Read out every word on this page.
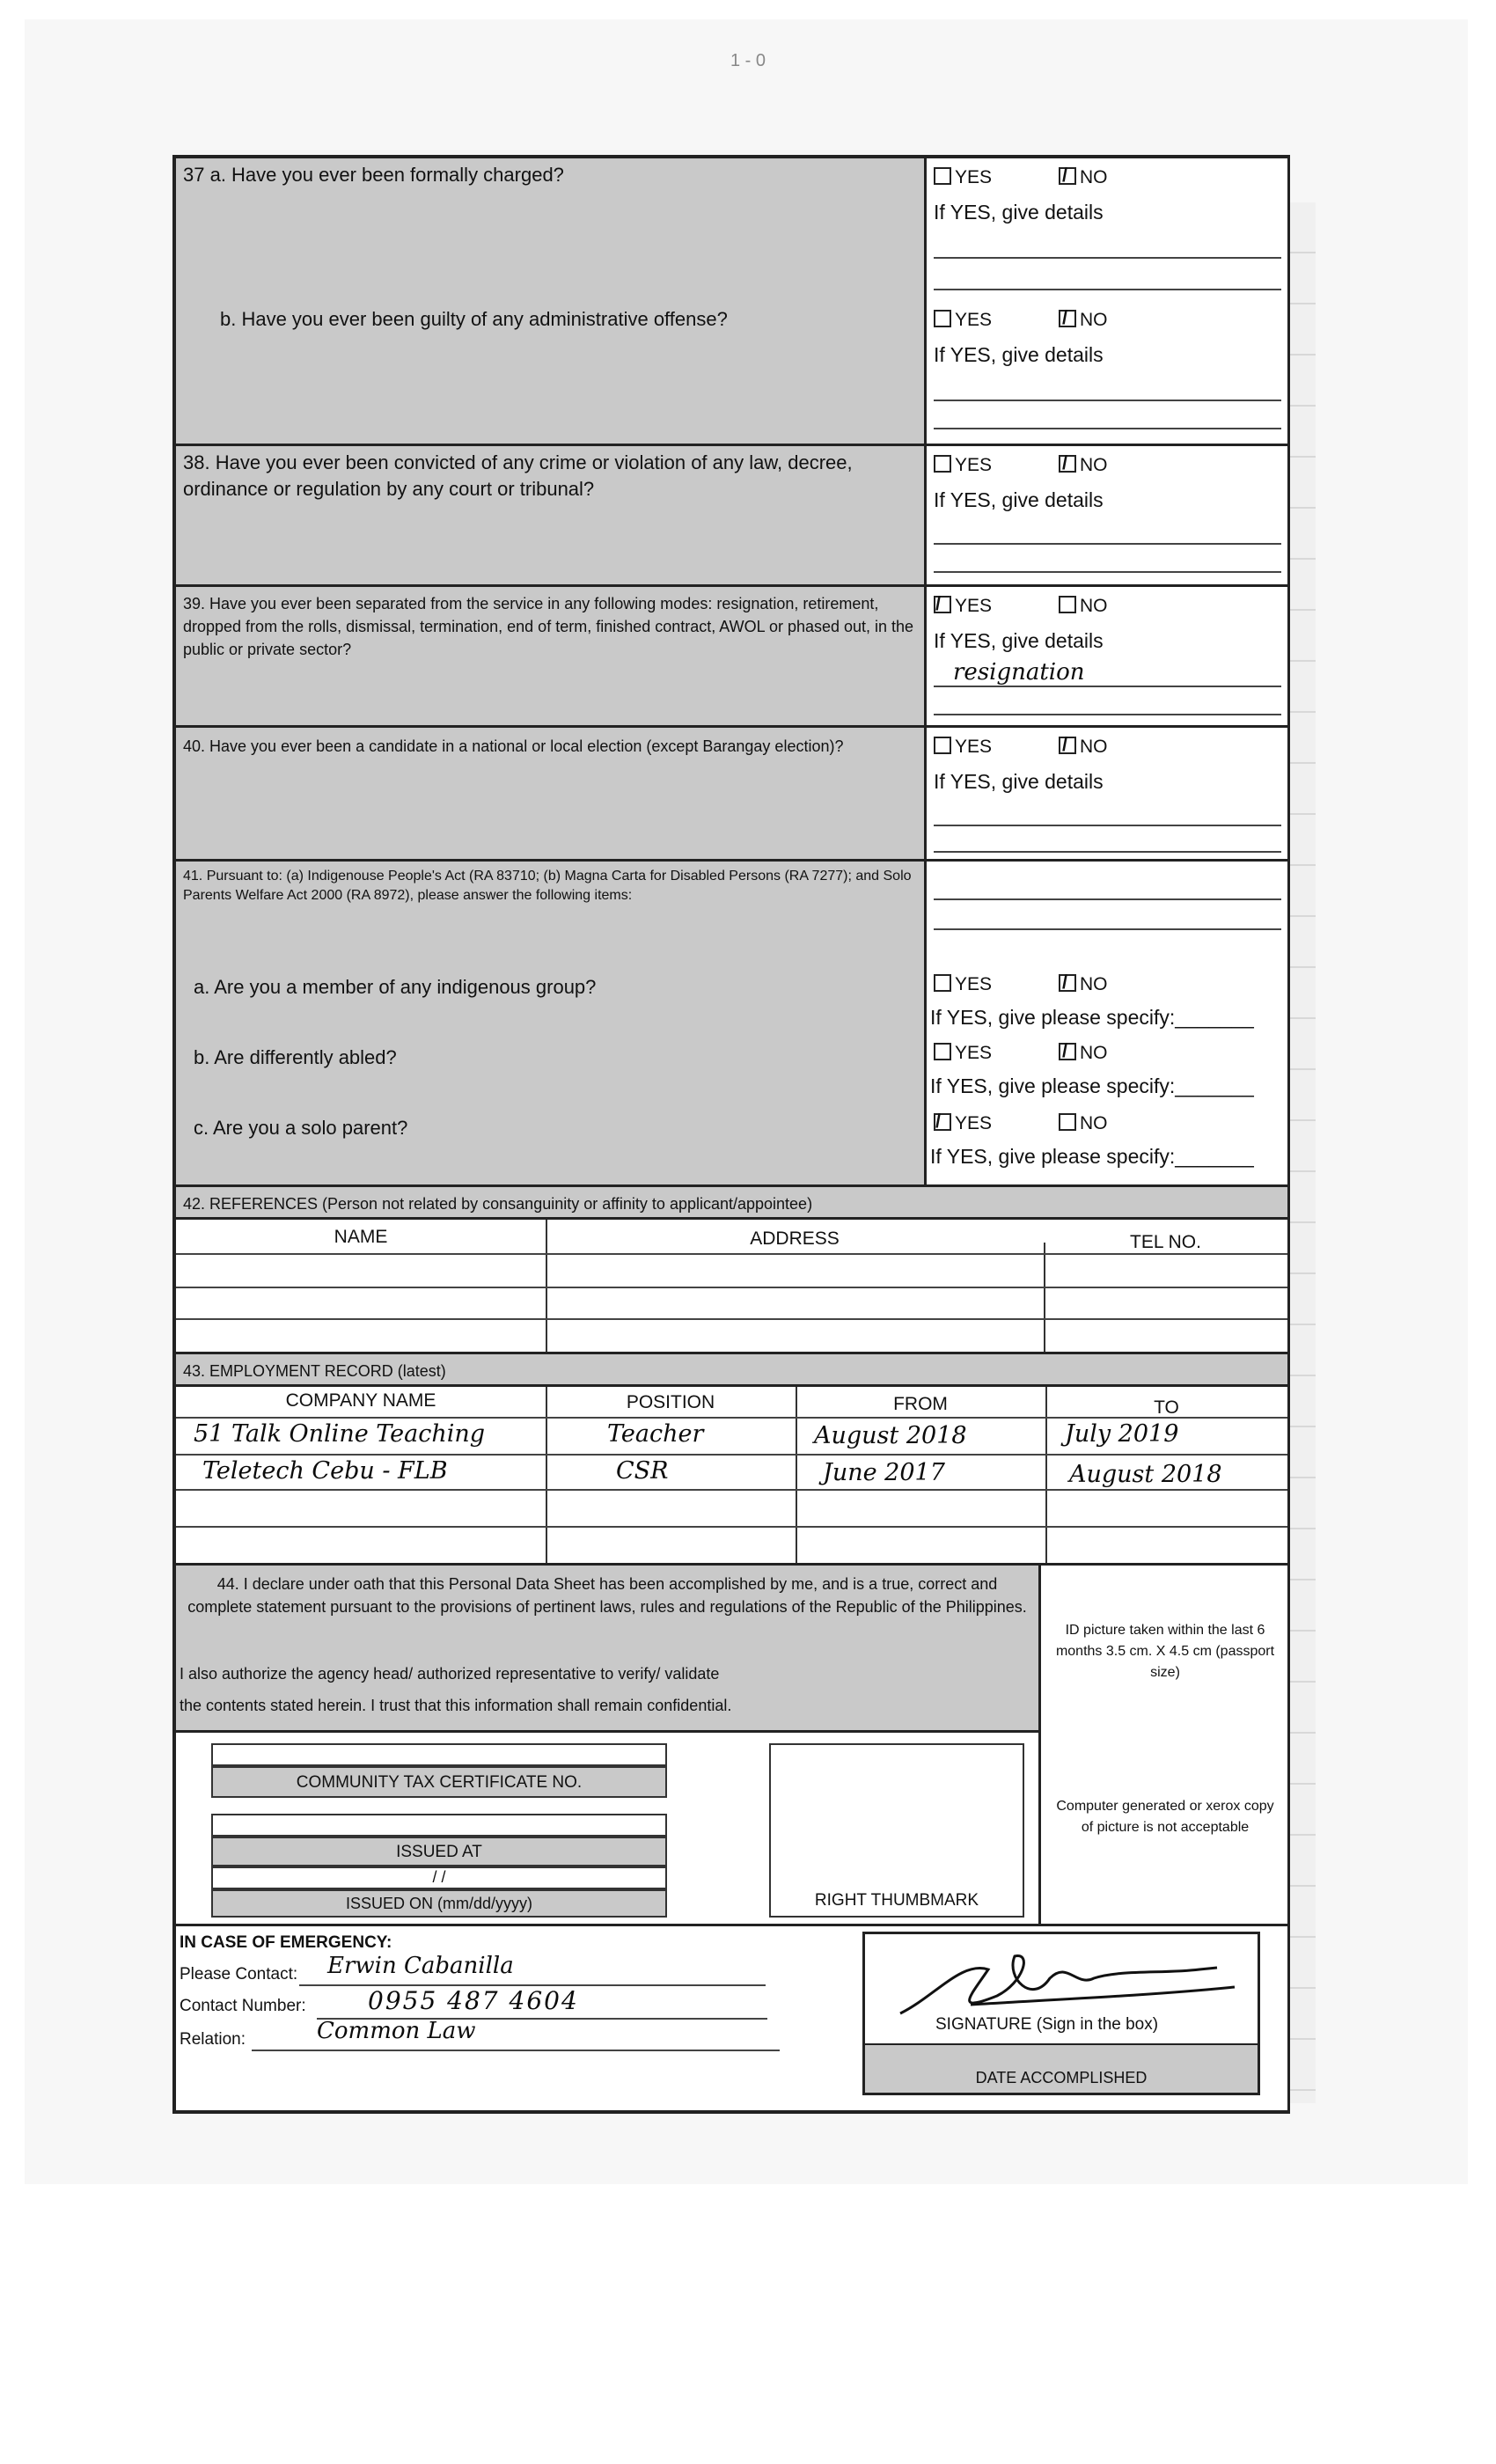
1 - 0
37 a. Have you ever been formally charged?
b. Have you ever been guilty of any administrative offense?
YES	NO
/
If YES, give details
YES	NO
/
If YES, give details
38. Have you ever been convicted of any crime or violation of any law, decree, ordinance or regulation by any court or tribunal?
YES	NO
/
If YES, give details
39. Have you ever been separated from the service in any following modes: resignation, retirement, dropped from the rolls, dismissal, termination, end of term, finished contract, AWOL or phased out, in the public or private sector?
YES	NO
/
If YES, give details
resignation
40. Have you ever been a candidate in a national or local election (except Barangay election)?	YES	NO
/
If YES, give details
41. Pursuant to: (a) Indigenouse People's Act (RA 83710; (b) Magna Carta for Disabled Persons (RA 7277); and Solo Parents Welfare Act 2000 (RA 8972), please answer the following items:
a. Are you a member of any indigenous group?
b. Are differently abled?
c. Are you a solo parent?
YES	NO
/
If YES, give please specify:_______
YES	NO
/
If YES, give please specify:_______
YES	NO
/
If YES, give please specify:_______
42. REFERENCES (Person not related by consanguinity or affinity to applicant/appointee)
NAME	ADDRESS	TEL NO.
43. EMPLOYMENT RECORD (latest)
COMPANY NAME	POSITION	FROM	TO
51 Talk Online Teaching	Teacher	August 2018	July 2019
Teletech Cebu - FLB	CSR	June 2017	August 2018
44. I declare under oath that this Personal Data Sheet has been accomplished by me, and is a true, correct and complete statement pursuant to the provisions of pertinent laws, rules and regulations of the Republic of the Philippines.
I also authorize the agency head/ authorized representative to verify/ validate
the contents stated herein. I trust that this information shall remain confidential.
ID picture taken within the last 6 months 3.5 cm. X 4.5 cm (passport size)
Computer generated or xerox copy of picture is not acceptable
COMMUNITY TAX CERTIFICATE NO.
ISSUED AT
/ /
ISSUED ON (mm/dd/yyyy)	RIGHT THUMBMARK
IN CASE OF EMERGENCY:
Please Contact: Erwin Cabanilla
Contact Number:	0955 487 4604
Relation:	Common Law	SIGNATURE (Sign in the box)
DATE ACCOMPLISHED
